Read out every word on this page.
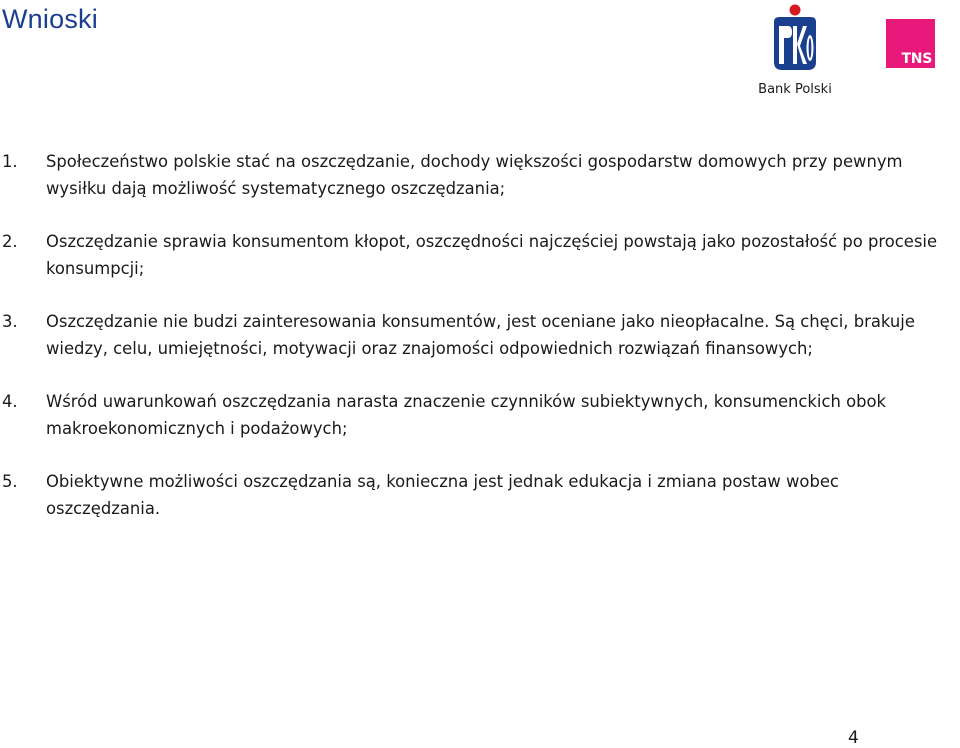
Wnioski
Bank Polski
TNS
1. Społeczeństwo polskie stać na oszczędzanie, dochody większości gospodarstw domowych przy pewnym wysiłku dają możliwość systematycznego oszczędzania;
2. Oszczędzanie sprawia konsumentom kłopot, oszczędności najczęściej powstają jako pozostałość po procesie konsumpcji;
3. Oszczędzanie nie budzi zainteresowania konsumentów, jest oceniane jako nieopłacalne. Są chęci, brakuje wiedzy, celu, umiejętności, motywacji oraz znajomości odpowiednich rozwiązań finansowych;
4. Wśród uwarunkowań oszczędzania narasta znaczenie czynników subiektywnych, konsumenckich obok makroekonomicznych i podażowych;
5. Obiektywne możliwości oszczędzania są, konieczna jest jednak edukacja i zmiana postaw wobec oszczędzania.
4
